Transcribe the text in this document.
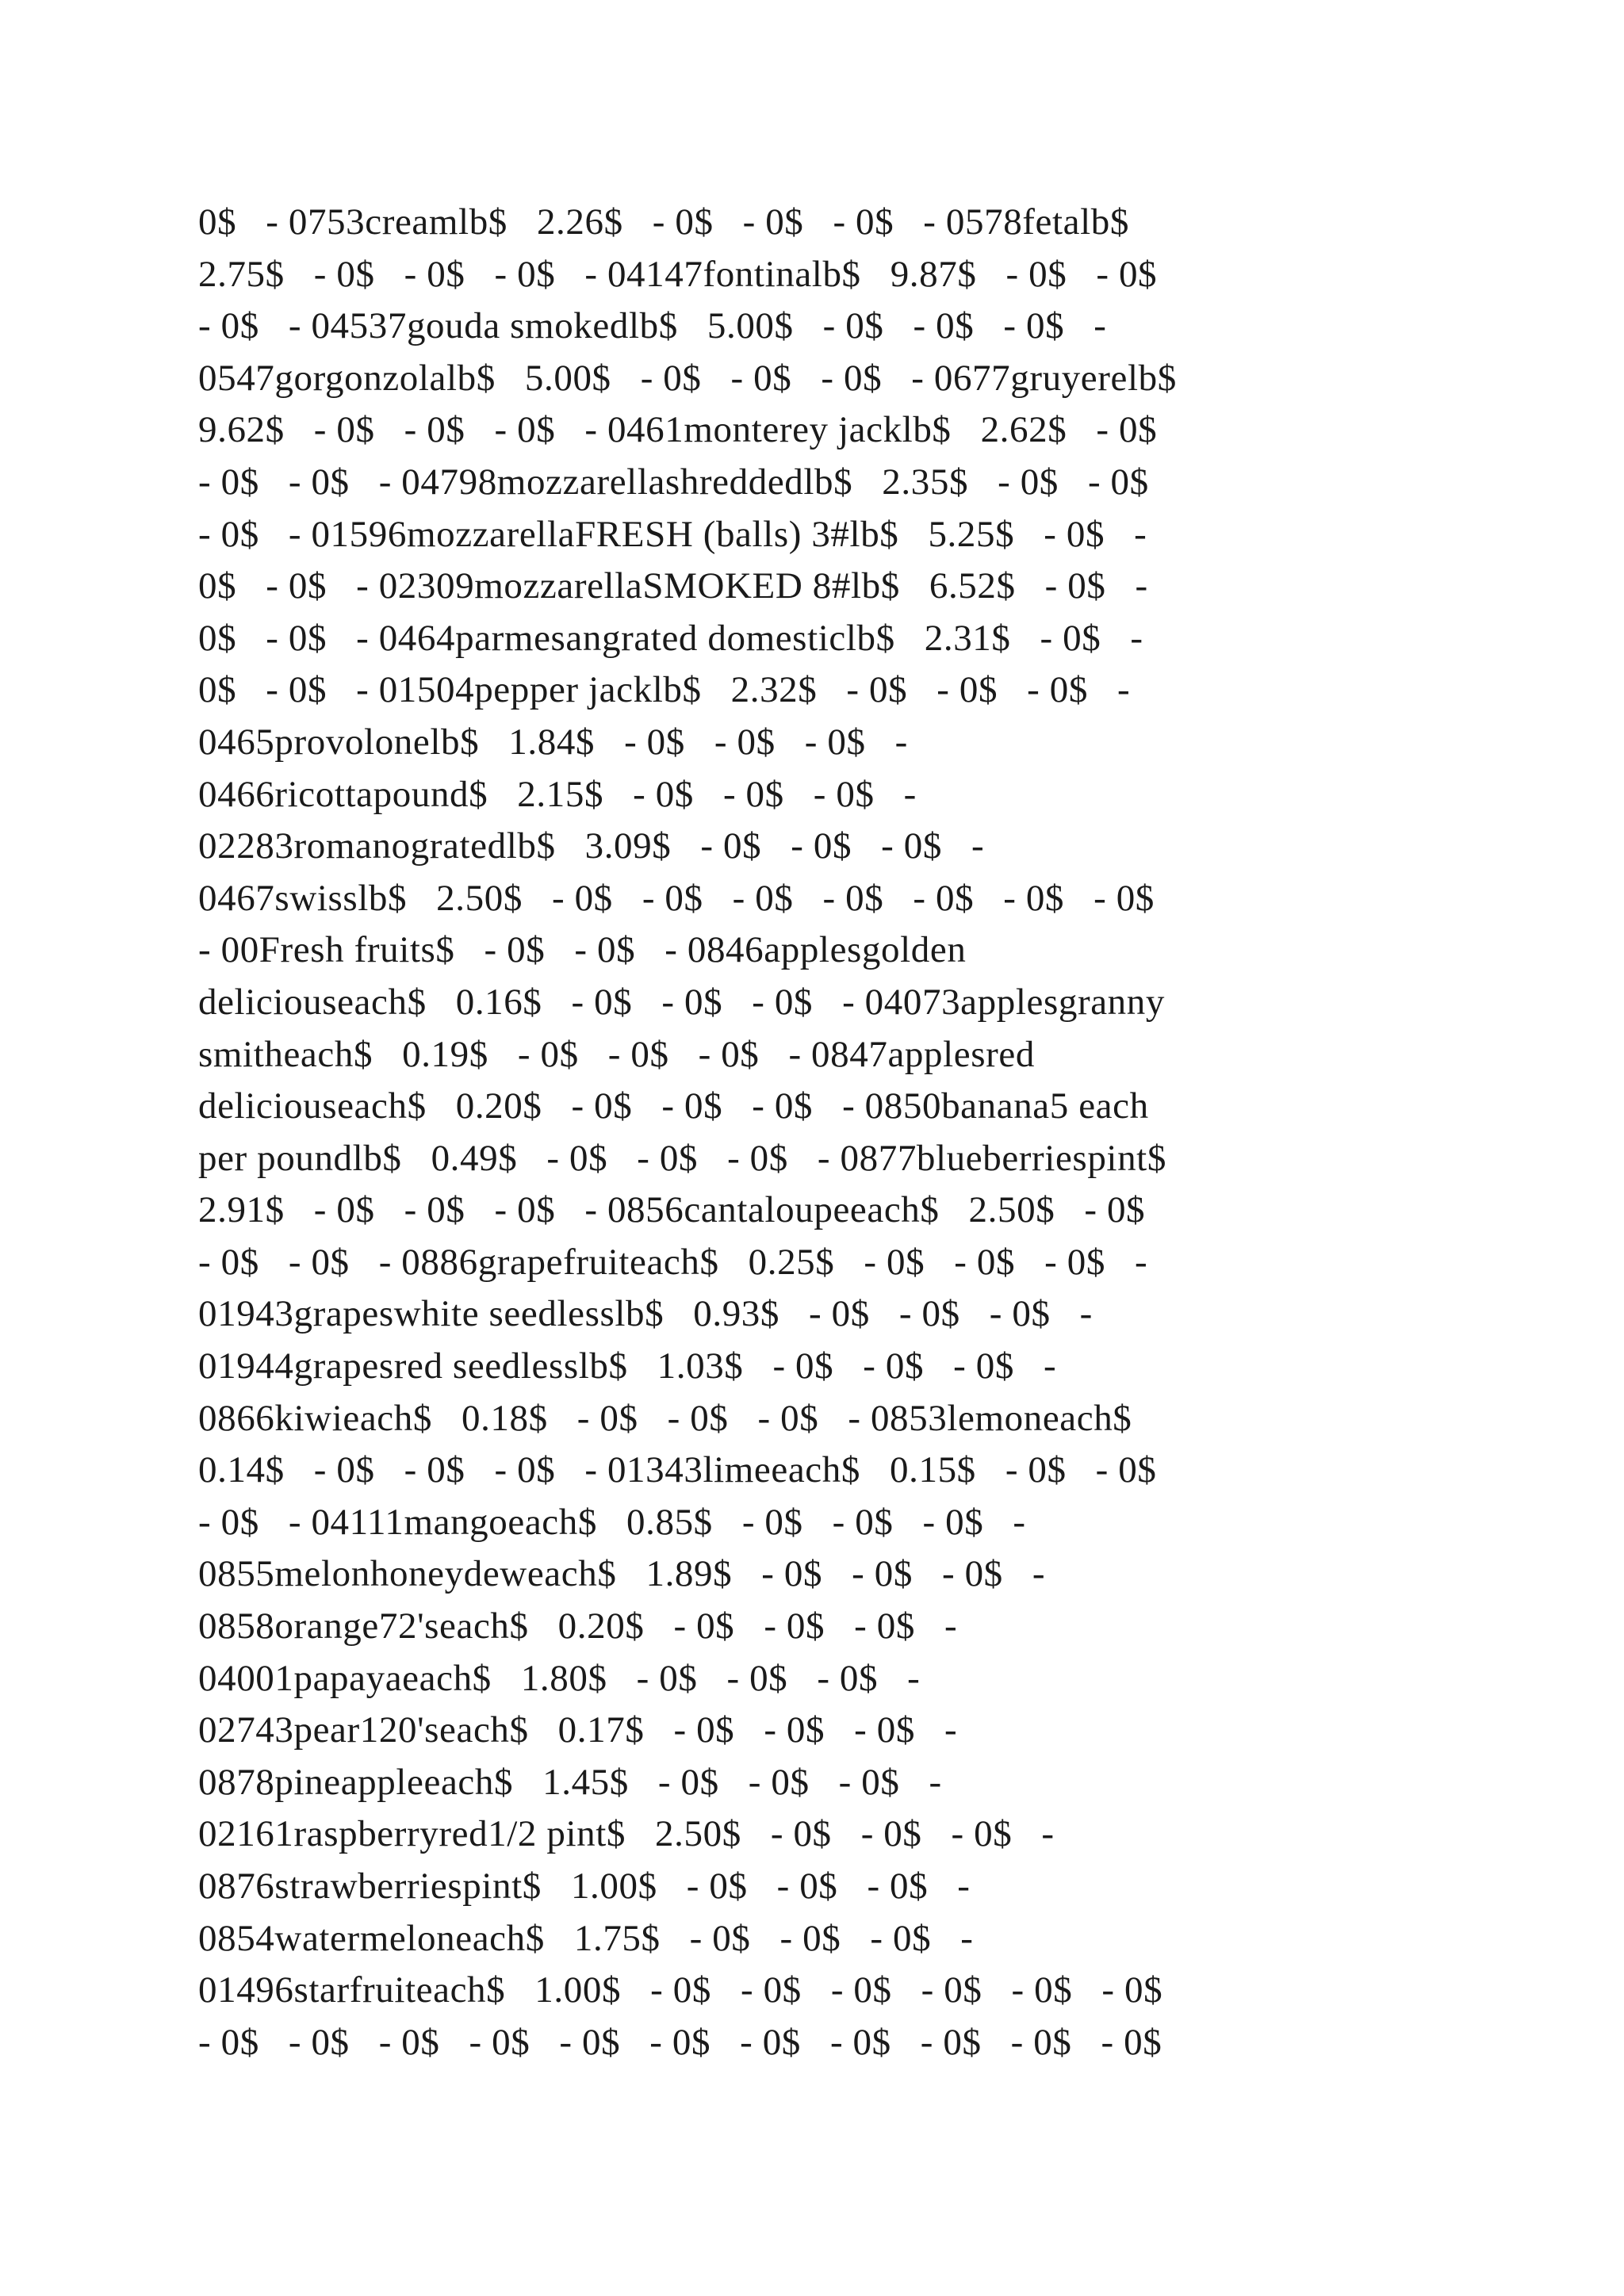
0$   - 0753creamlb$   2.26$   - 0$   - 0$   - 0$   - 0578fetalb$
2.75$   - 0$   - 0$   - 0$   - 04147fontinalb$   9.87$   - 0$   - 0$
- 0$   - 04537gouda smokedlb$   5.00$   - 0$   - 0$   - 0$   -
0547gorgonzolalb$   5.00$   - 0$   - 0$   - 0$   - 0677gruyerelb$
9.62$   - 0$   - 0$   - 0$   - 0461monterey jacklb$   2.62$   - 0$
- 0$   - 0$   - 04798mozzarellashreddedlb$   2.35$   - 0$   - 0$
- 0$   - 01596mozzarellaFRESH (balls) 3#lb$   5.25$   - 0$   -
0$   - 0$   - 02309mozzarellaSMOKED 8#lb$   6.52$   - 0$   -
0$   - 0$   - 0464parmesangrated domesticlb$   2.31$   - 0$   -
0$   - 0$   - 01504pepper jacklb$   2.32$   - 0$   - 0$   - 0$   -
0465provolonelb$   1.84$   - 0$   - 0$   - 0$   -
0466ricottapound$   2.15$   - 0$   - 0$   - 0$   -
02283romanogratedlb$   3.09$   - 0$   - 0$   - 0$   -
0467swisslb$   2.50$   - 0$   - 0$   - 0$   - 0$   - 0$   - 0$   - 0$
- 00Fresh fruits$   - 0$   - 0$   - 0846applesgolden
deliciouseach$   0.16$   - 0$   - 0$   - 0$   - 04073applesgranny
smitheach$   0.19$   - 0$   - 0$   - 0$   - 0847applesred
deliciouseach$   0.20$   - 0$   - 0$   - 0$   - 0850banana5 each
per poundlb$   0.49$   - 0$   - 0$   - 0$   - 0877blueberriespint$
2.91$   - 0$   - 0$   - 0$   - 0856cantaloupeeach$   2.50$   - 0$
- 0$   - 0$   - 0886grapefruiteach$   0.25$   - 0$   - 0$   - 0$   -
01943grapeswhite seedlesslb$   0.93$   - 0$   - 0$   - 0$   -
01944grapesred seedlesslb$   1.03$   - 0$   - 0$   - 0$   -
0866kiwieach$   0.18$   - 0$   - 0$   - 0$   - 0853lemoneach$
0.14$   - 0$   - 0$   - 0$   - 01343limeeach$   0.15$   - 0$   - 0$
- 0$   - 04111mangoeach$   0.85$   - 0$   - 0$   - 0$   -
0855melonhoneydeweach$   1.89$   - 0$   - 0$   - 0$   -
0858orange72'seach$   0.20$   - 0$   - 0$   - 0$   -
04001papayaeach$   1.80$   - 0$   - 0$   - 0$   -
02743pear120'seach$   0.17$   - 0$   - 0$   - 0$   -
0878pineappleeach$   1.45$   - 0$   - 0$   - 0$   -
02161raspberryred1/2 pint$   2.50$   - 0$   - 0$   - 0$   -
0876strawberriespint$   1.00$   - 0$   - 0$   - 0$   -
0854watermeloneach$   1.75$   - 0$   - 0$   - 0$   -
01496starfruiteach$   1.00$   - 0$   - 0$   - 0$   - 0$   - 0$   - 0$
- 0$   - 0$   - 0$   - 0$   - 0$   - 0$   - 0$   - 0$   - 0$   - 0$   - 0$
